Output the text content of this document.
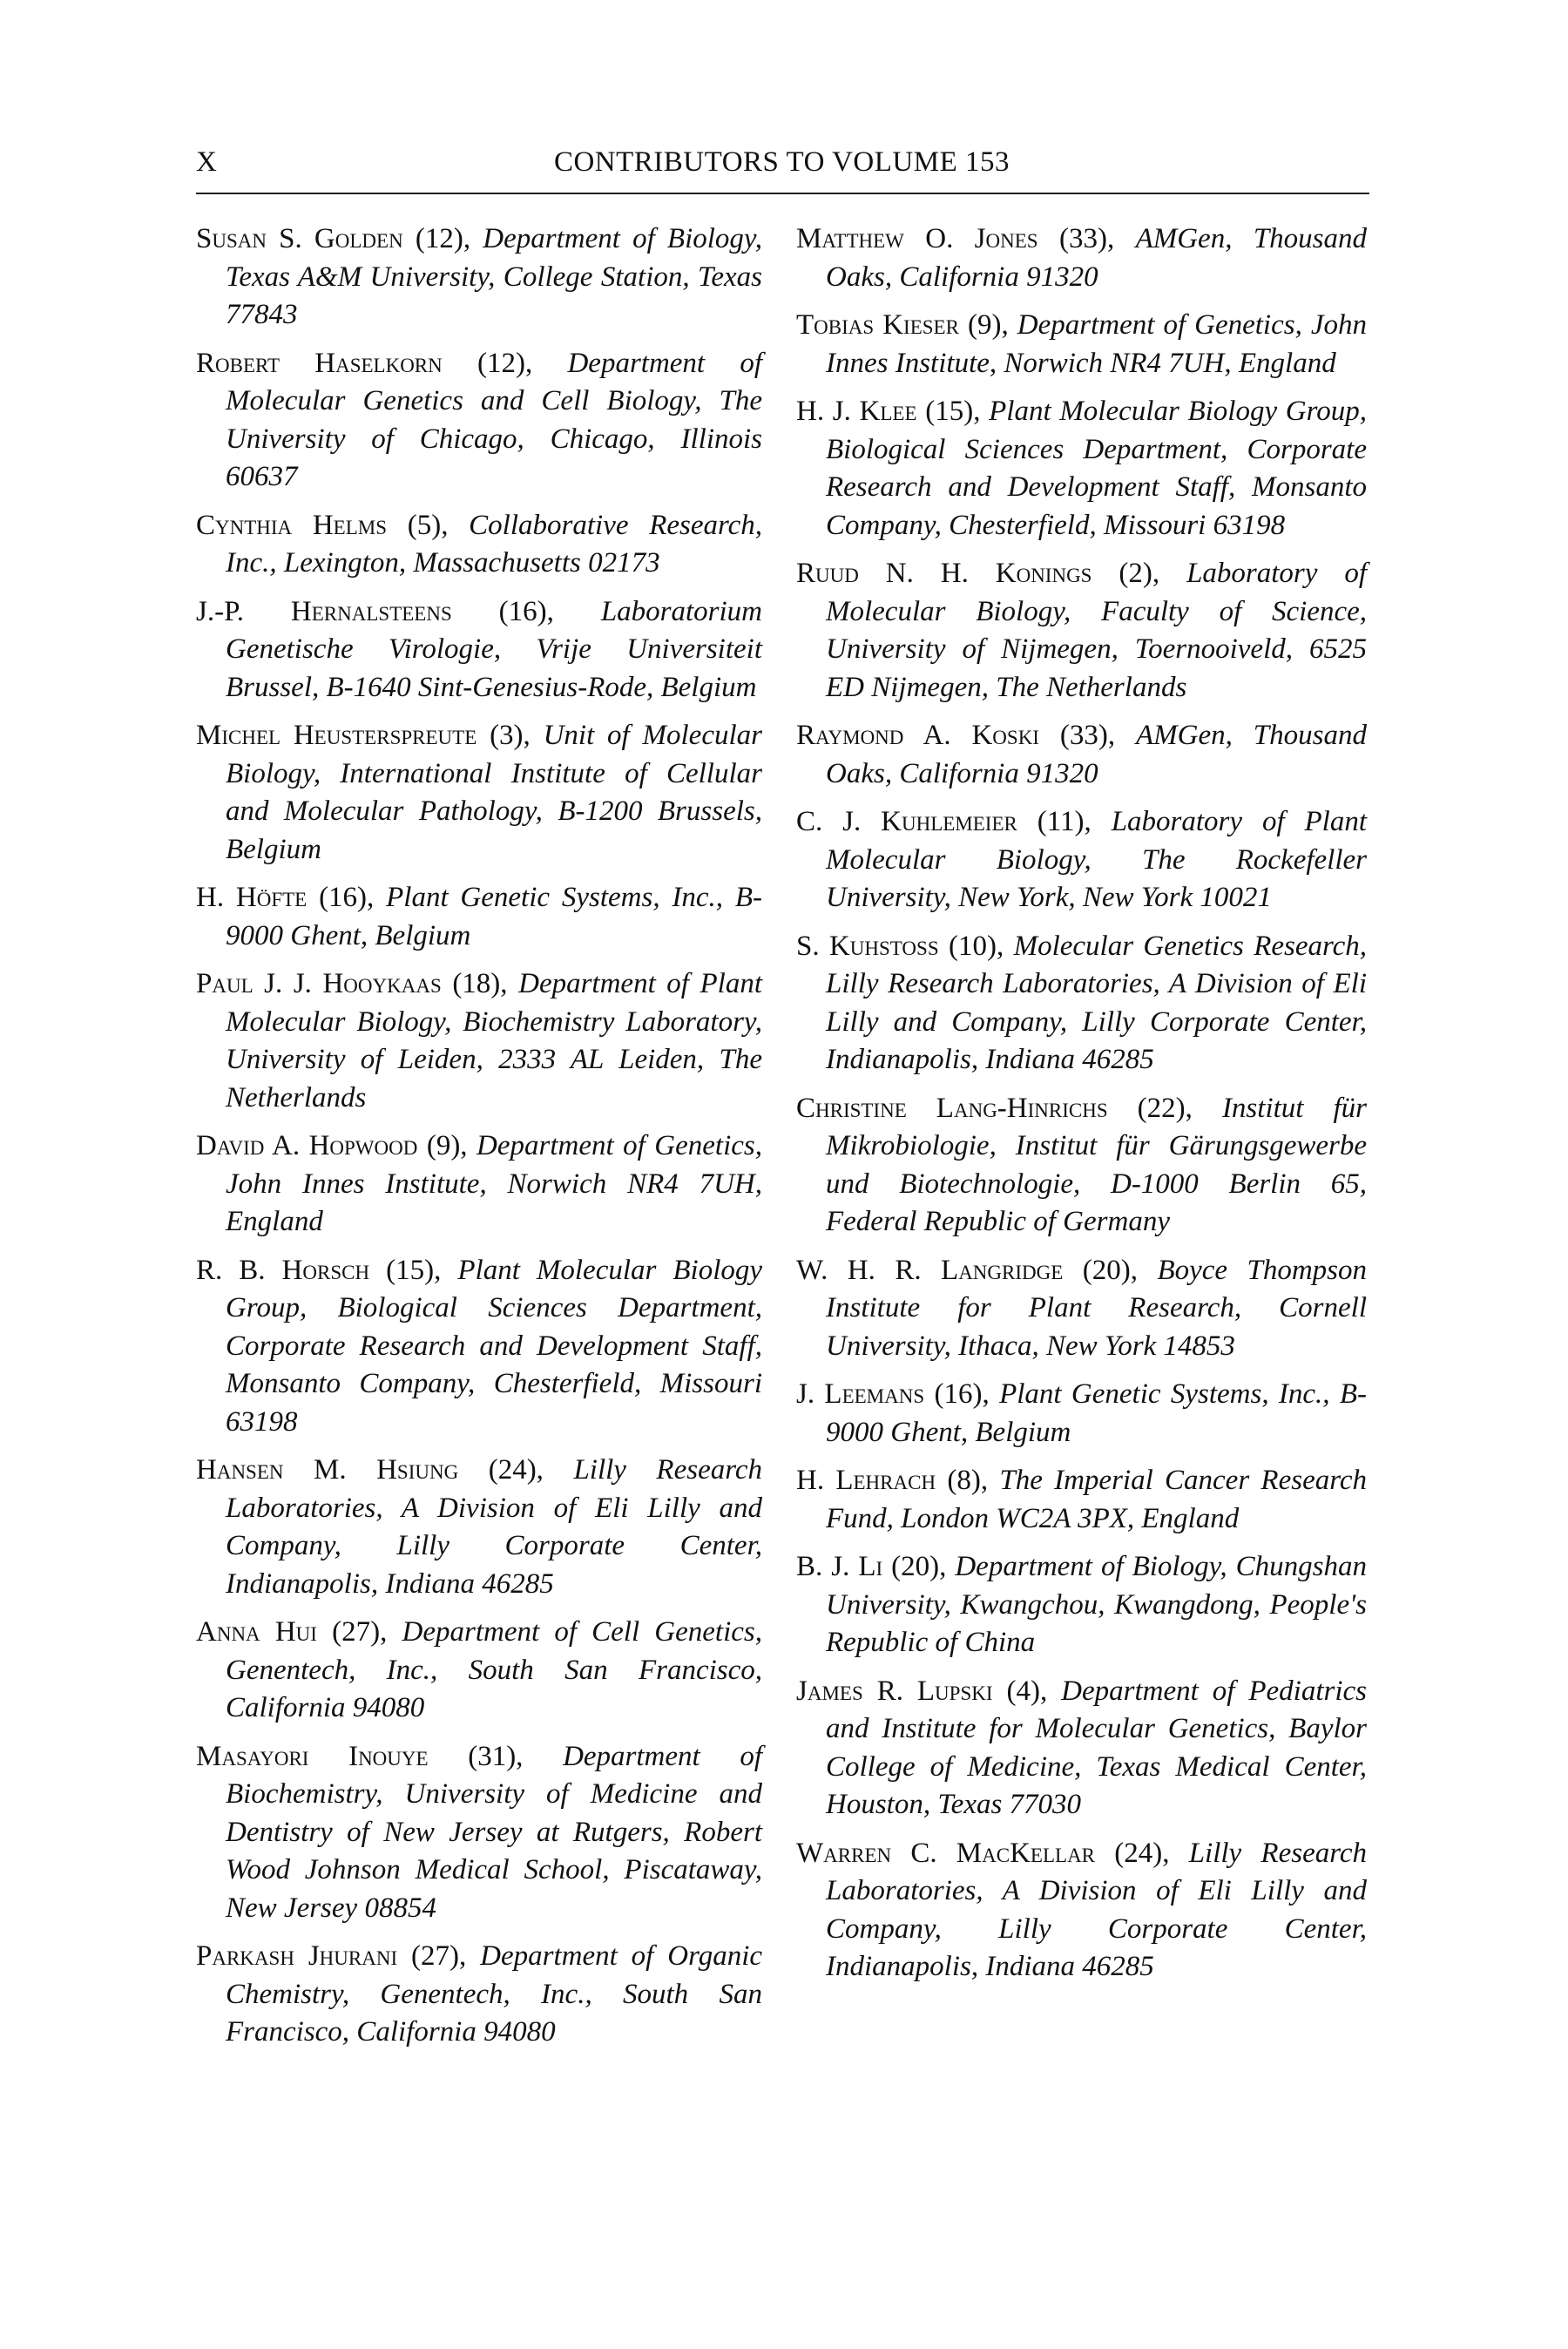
X	CONTRIBUTORS TO VOLUME 153

Susan S. Golden (12), Department of Biology, Texas A&M University, College Station, Texas 77843

Robert Haselkorn (12), Department of Molecular Genetics and Cell Biology, The University of Chicago, Chicago, Illinois 60637

Cynthia Helms (5), Collaborative Research, Inc., Lexington, Massachusetts 02173

J.-P. Hernalsteens (16), Laboratorium Genetische Virologie, Vrije Universiteit Brussel, B-1640 Sint-Genesius-Rode, Belgium

Michel Heusterspreute (3), Unit of Molecular Biology, International Institute of Cellular and Molecular Pathology, B-1200 Brussels, Belgium

H. Höfte (16), Plant Genetic Systems, Inc., B-9000 Ghent, Belgium

Paul J. J. Hooykaas (18), Department of Plant Molecular Biology, Biochemistry Laboratory, University of Leiden, 2333 AL Leiden, The Netherlands

David A. Hopwood (9), Department of Genetics, John Innes Institute, Norwich NR4 7UH, England

R. B. Horsch (15), Plant Molecular Biology Group, Biological Sciences Department, Corporate Research and Development Staff, Monsanto Company, Chesterfield, Missouri 63198

Hansen M. Hsiung (24), Lilly Research Laboratories, A Division of Eli Lilly and Company, Lilly Corporate Center, Indianapolis, Indiana 46285

Anna Hui (27), Department of Cell Genetics, Genentech, Inc., South San Francisco, California 94080

Masayori Inouye (31), Department of Biochemistry, University of Medicine and Dentistry of New Jersey at Rutgers, Robert Wood Johnson Medical School, Piscataway, New Jersey 08854

Parkash Jhurani (27), Department of Organic Chemistry, Genentech, Inc., South San Francisco, California 94080

Matthew O. Jones (33), AMGen, Thousand Oaks, California 91320

Tobias Kieser (9), Department of Genetics, John Innes Institute, Norwich NR4 7UH, England

H. J. Klee (15), Plant Molecular Biology Group, Biological Sciences Department, Corporate Research and Development Staff, Monsanto Company, Chesterfield, Missouri 63198

Ruud N. H. Konings (2), Laboratory of Molecular Biology, Faculty of Science, University of Nijmegen, Toernooiveld, 6525 ED Nijmegen, The Netherlands

Raymond A. Koski (33), AMGen, Thousand Oaks, California 91320

C. J. Kuhlemeier (11), Laboratory of Plant Molecular Biology, The Rockefeller University, New York, New York 10021

S. Kuhstoss (10), Molecular Genetics Research, Lilly Research Laboratories, A Division of Eli Lilly and Company, Lilly Corporate Center, Indianapolis, Indiana 46285

Christine Lang-Hinrichs (22), Institut für Mikrobiologie, Institut für Gärungsgewerbe und Biotechnologie, D-1000 Berlin 65, Federal Republic of Germany

W. H. R. Langridge (20), Boyce Thompson Institute for Plant Research, Cornell University, Ithaca, New York 14853

J. Leemans (16), Plant Genetic Systems, Inc., B-9000 Ghent, Belgium

H. Lehrach (8), The Imperial Cancer Research Fund, London WC2A 3PX, England

B. J. Li (20), Department of Biology, Chungshan University, Kwangchou, Kwangdong, People's Republic of China

James R. Lupski (4), Department of Pediatrics and Institute for Molecular Genetics, Baylor College of Medicine, Texas Medical Center, Houston, Texas 77030

Warren C. MacKellar (24), Lilly Research Laboratories, A Division of Eli Lilly and Company, Lilly Corporate Center, Indianapolis, Indiana 46285
